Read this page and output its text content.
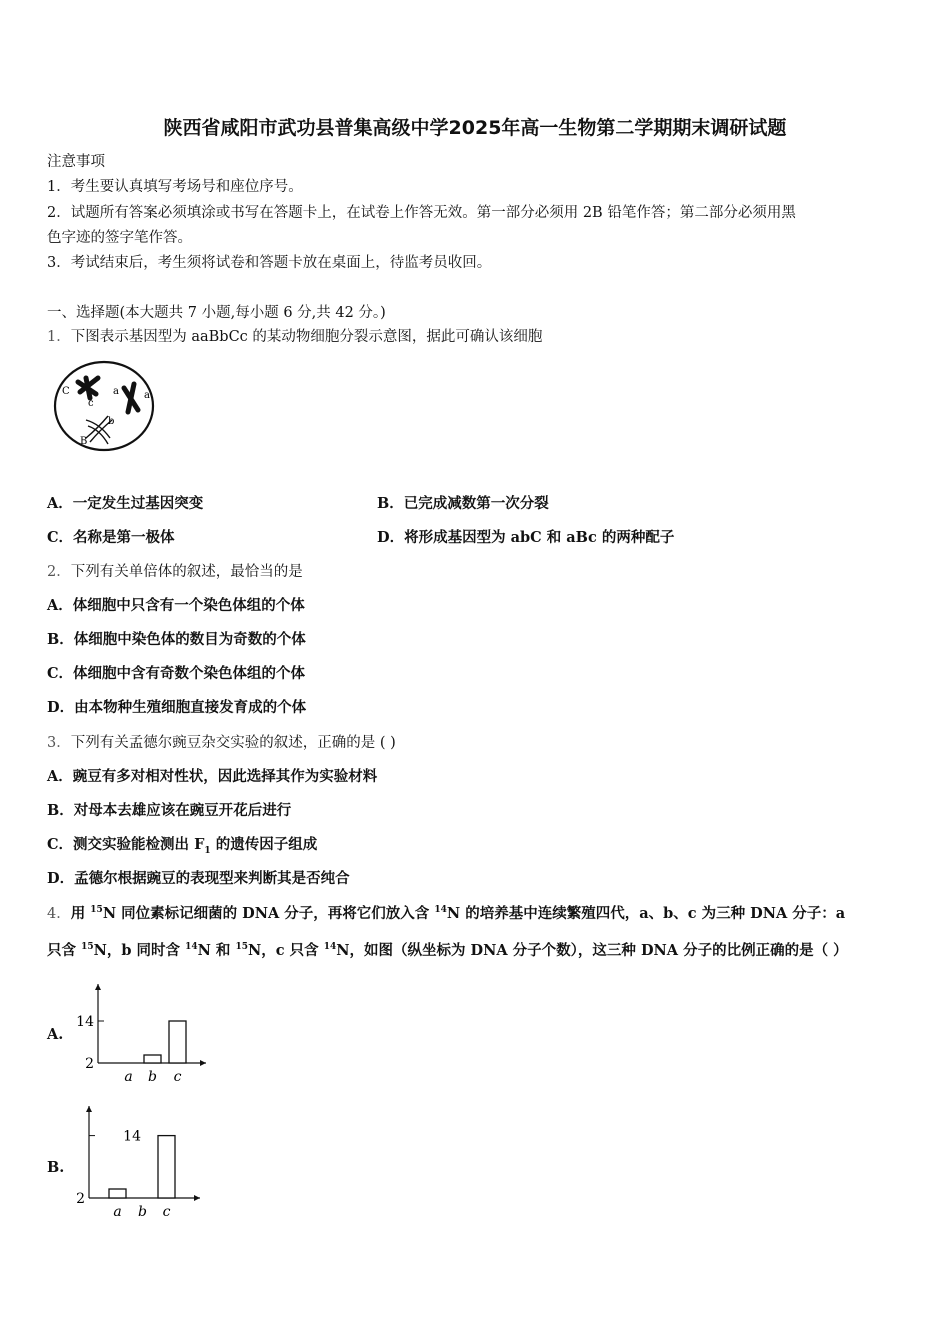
陕西省咸阳市武功县普集高级中学2025年高一生物第二学期期末调研试题
注意事项
1．考生要认真填写考场号和座位序号。
2．试题所有答案必须填涂或书写在答题卡上，在试卷上作答无效。第一部分必须用 2B 铅笔作答；第二部分必须用黑
色字迹的签字笔作答。
3．考试结束后，考生须将试卷和答题卡放在桌面上，待监考员收回。
一、选择题(本大题共 7 小题,每小题 6 分,共 42 分。)
1．下图表示基因型为 aaBbCc 的某动物细胞分裂示意图，据此可确认该细胞
C
c
a	a
b
B
A．一定发生过基因突变	B．已完成减数第一次分裂
C．名称是第一极体	D．将形成基因型为 abC 和 aBc 的两种配子
2．下列有关单倍体的叙述，最恰当的是
A．体细胞中只含有一个染色体组的个体
B．体细胞中染色体的数目为奇数的个体
C．体细胞中含有奇数个染色体组的个体
D．由本物种生殖细胞直接发育成的个体
3．下列有关孟德尔豌豆杂交实验的叙述，正确的是 ( )
A．豌豆有多对相对性状，因此选择其作为实验材料
B．对母本去雄应该在豌豆开花后进行
C．测交实验能检测出 $F_1$ 的遗传因子组成
D．孟德尔根据豌豆的表现型来判断其是否纯合
4．用 $^{15}$N 同位素标记细菌的 DNA 分子，再将它们放入含 $^{14}$N 的培养基中连续繁殖四代，a、b、c 为三种 DNA 分子：a
只含 $^{15}$N，b 同时含 $^{14}$N 和 $^{15}$N，c 只含 $^{14}$N，如图（纵坐标为 DNA 分子个数），这三种 DNA 分子的比例正确的是（ ）
A.
14
2
a b c
B.
14
2
a b c
